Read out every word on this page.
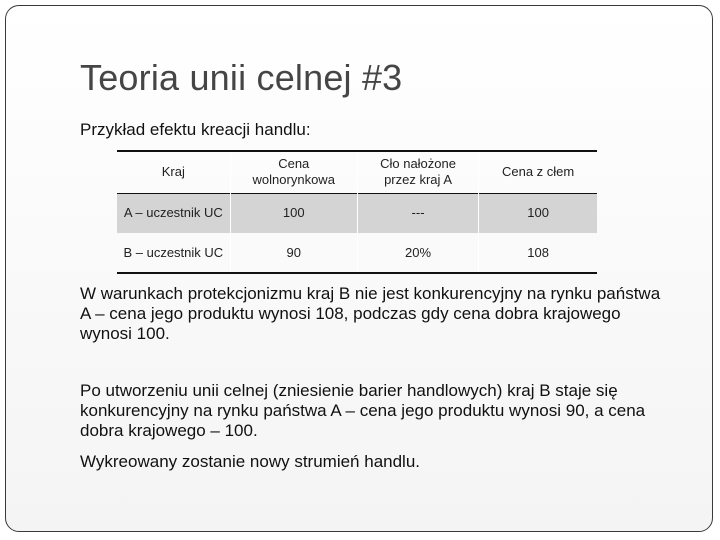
Teoria unii celnej #3
Przykład efektu kreacji handlu:
Kraj	Cena wolnorynkowa	Cło nałożone przez kraj A	Cena z cłem
A – uczestnik UC	100	---	100
B – uczestnik UC	90	20%	108
W warunkach protekcjonizmu kraj B nie jest konkurencyjny na rynku państwa A – cena jego produktu wynosi 108, podczas gdy cena dobra krajowego wynosi 100.
Po utworzeniu unii celnej (zniesienie barier handlowych) kraj B staje się konkurencyjny na rynku państwa A – cena jego produktu wynosi 90, a cena dobra krajowego – 100.
Wykreowany zostanie nowy strumień handlu.
